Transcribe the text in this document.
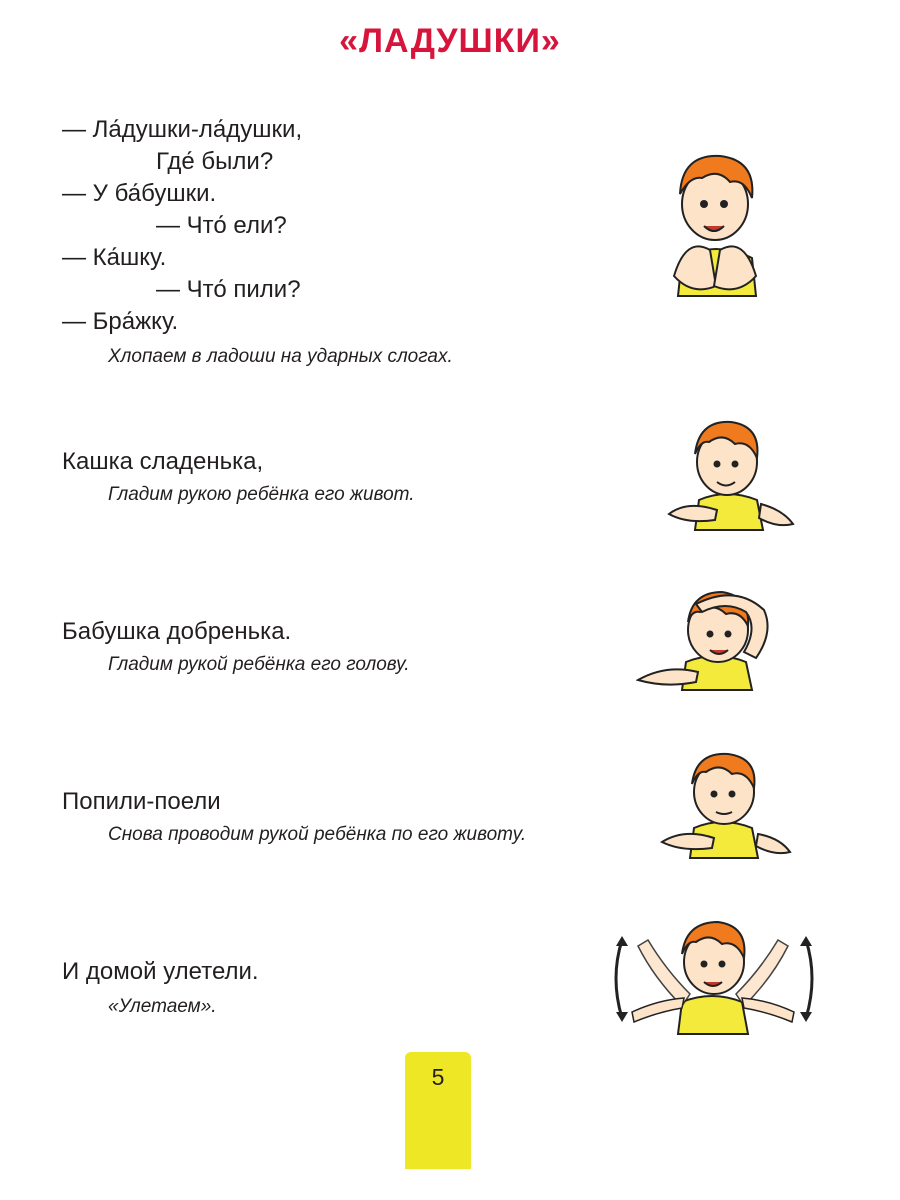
«ЛАДУШКИ»
— Ла́душки-ла́душки,
Где́ были?
— У ба́бушки.
— Что́ ели?
— Ка́шку.
— Что́ пили?
— Бра́жку.
Хлопаем в ладоши на ударных слогах.
Кашка сладенька,
Гладим рукою ребёнка его живот.
Бабушка добренька.
Гладим рукой ребёнка его голову.
Попили-поели
Снова проводим рукой ребёнка по его животу.
И домой улетели.
«Улетаем».
5
